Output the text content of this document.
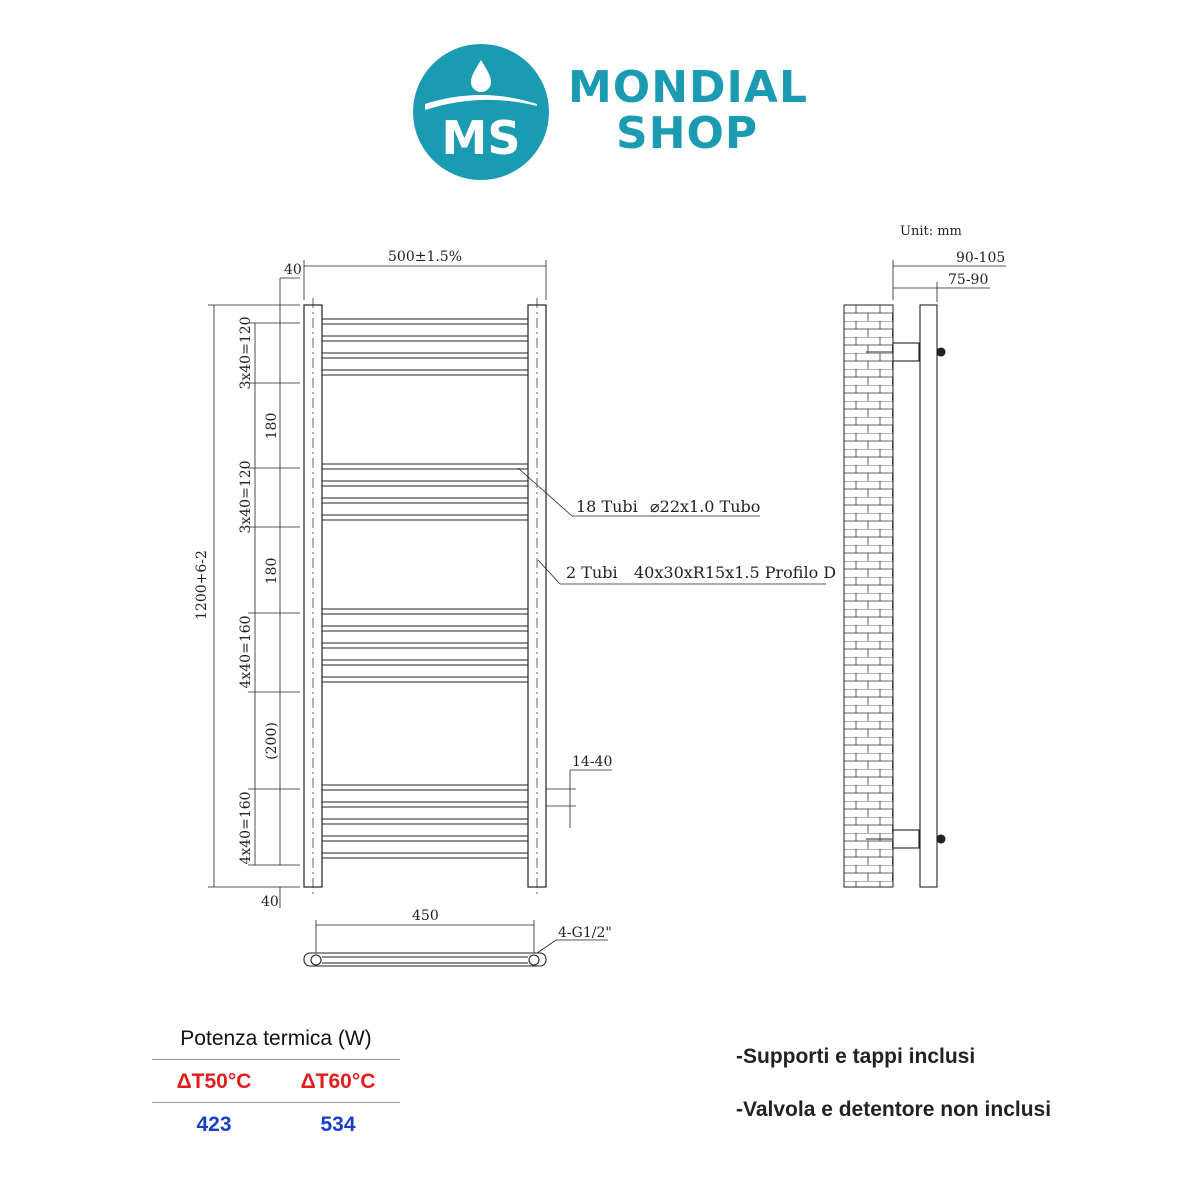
MS
MONDIAL
SHOP
Unit: mm
500±1.5%
40
40
1200+6-2
3x40=120
180
3x40=120
180
4x40=160
(200)
4x40=160
14-40
18 Tubi ⌀22x1.0 Tubo
2 Tubi 40x30xR15x1.5 Profilo D
450
4-G1/2"
90-105
75-90
Potenza termica (W)
ΔT50°C ΔT60°C
423	534
-Supporti e tappi inclusi
-Valvola e detentore non inclusi
